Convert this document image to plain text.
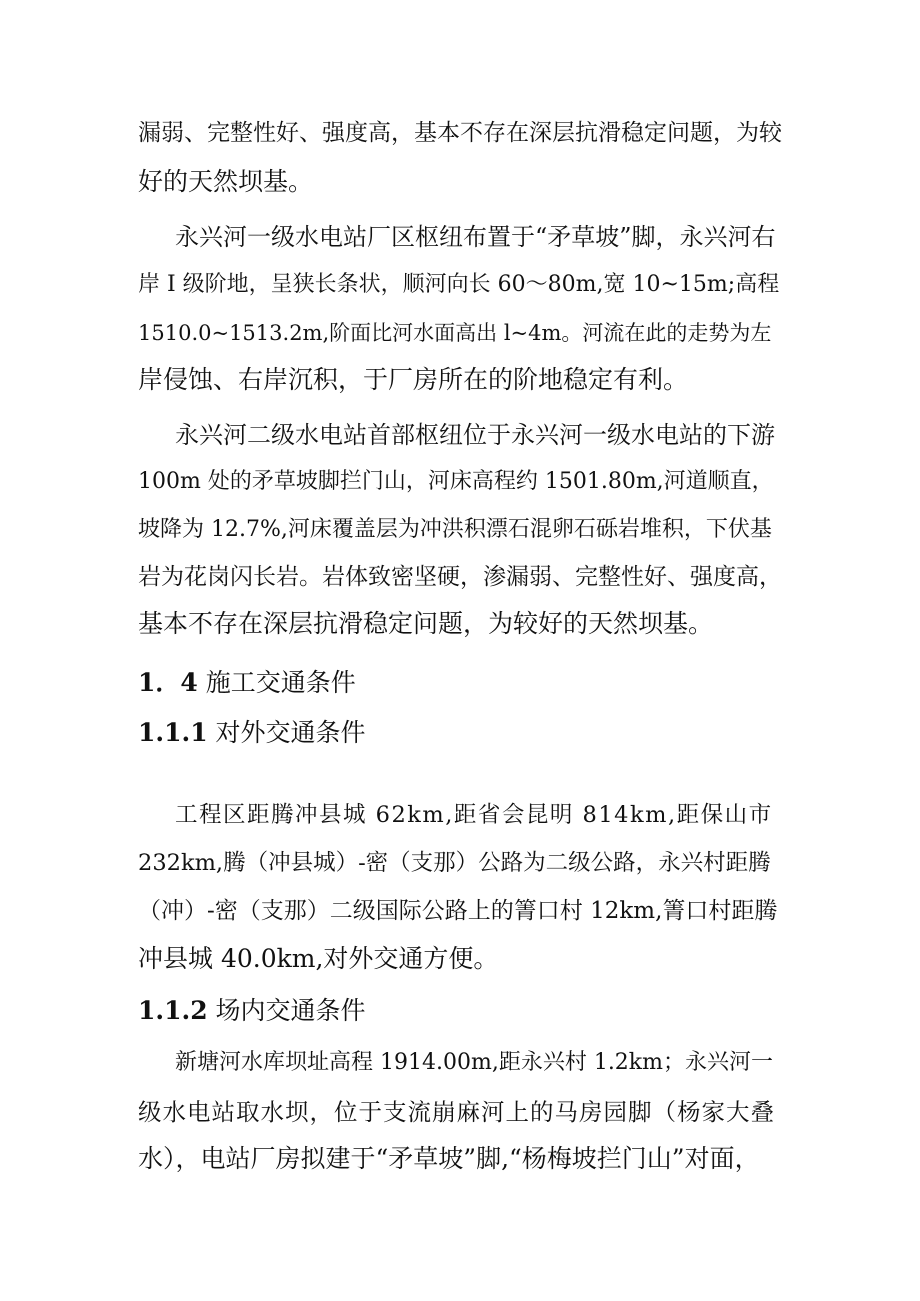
漏弱、完整性好、强度高，基本不存在深层抗滑稳定问题，为较
好的天然坝基。
永兴河一级水电站厂区枢纽布置于“矛草坡”脚，永兴河右
岸 I 级阶地，呈狭长条状，顺河向长 60～80m,宽 10~15m;高程
1510.0~1513.2m,阶面比河水面高出 l~4m。河流在此的走势为左
岸侵蚀、右岸沉积，于厂房所在的阶地稳定有利。
永兴河二级水电站首部枢纽位于永兴河一级水电站的下游
100m 处的矛草坡脚拦门山，河床高程约 1501.80m,河道顺直，
坡降为 12.7%,河床覆盖层为冲洪积漂石混卵石砾岩堆积，下伏基
岩为花岗闪长岩。岩体致密坚硬，渗漏弱、完整性好、强度高，
基本不存在深层抗滑稳定问题，为较好的天然坝基。
1．4 施工交通条件
1.1.1 对外交通条件
工程区距腾冲县城 62km,距省会昆明 814km,距保山市
232km,腾（冲县城）-密（支那）公路为二级公路，永兴村距腾
（冲）-密（支那）二级国际公路上的箐口村 12km,箐口村距腾
冲县城 40.0km,对外交通方便。
1.1.2 场内交通条件
新塘河水库坝址高程 1914.00m,距永兴村 1.2km；永兴河一
级水电站取水坝，位于支流崩麻河上的马房园脚（杨家大叠
水），电站厂房拟建于“矛草坡”脚,“杨梅坡拦门山”对面，
